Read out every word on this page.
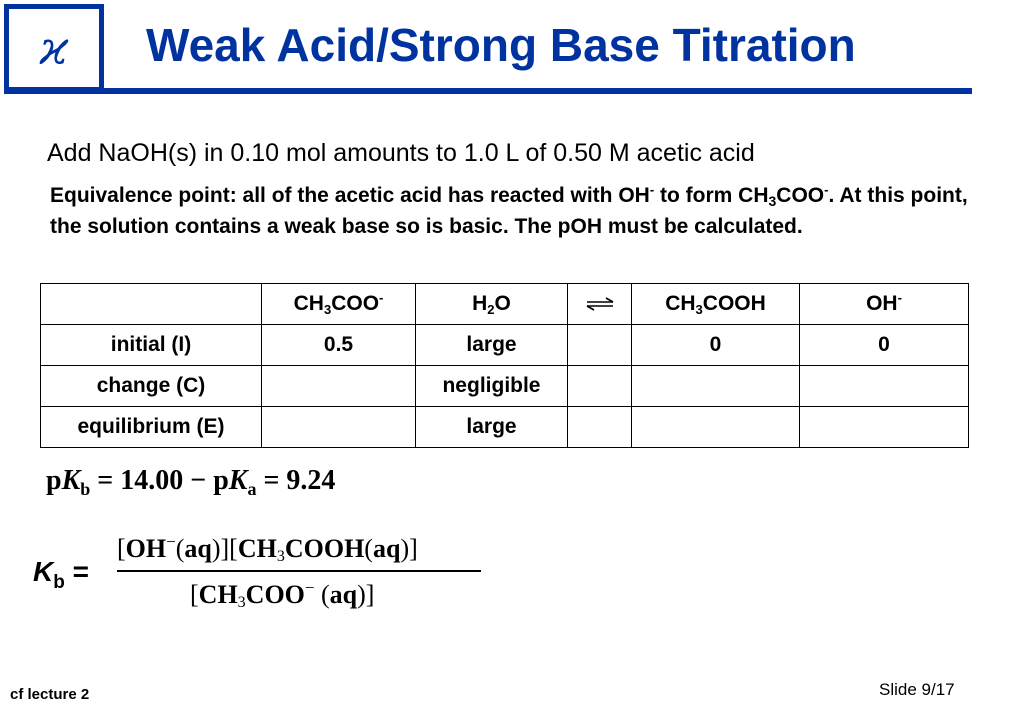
ϰ Weak Acid/Strong Base Titration
Add NaOH(s) in 0.10 mol amounts to 1.0 L of 0.50 M acetic acid
Equivalence point: all of the acetic acid has reacted with OH- to form $CH_3COO^-$. At this point, the solution contains a weak base so is basic. The pOH must be calculated.
	$CH_3COO^-$	$H_2O$		$CH_3COOH$	OH-
initial (I)	0.5	large		0	0
change (C)		negligible			
equilibrium (E)		large			
$pK_b = 14.00 - pK_a = 9.24$
$K_b$ =
$[OH^-(aq)][CH_3COOH(aq)]$
[$CH_3COO^-$ (aq)]
cf lecture 2	Slide 9/17
